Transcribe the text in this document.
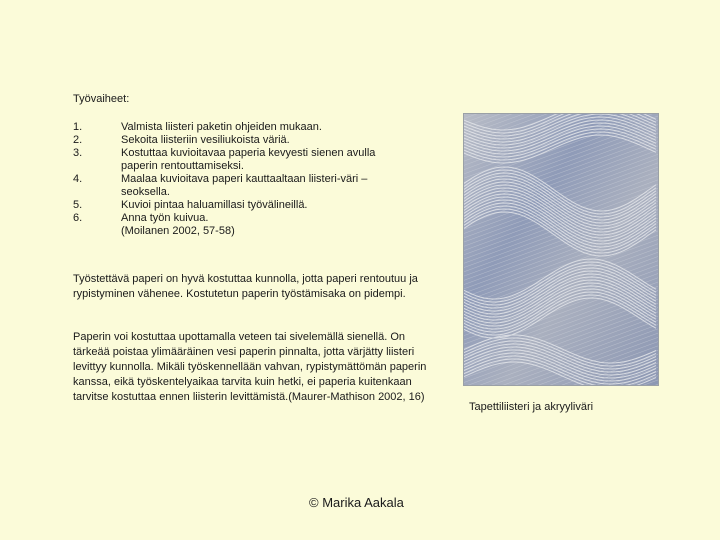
Työvaiheet:
1.	Valmista liisteri paketin ohjeiden mukaan.
2.	Sekoita liisteriin vesiliukoista väriä.
3.	Kostuttaa kuvioitavaa paperia kevyesti sienen avulla paperin rentouttamiseksi.
4.	Maalaa kuvioitava paperi kauttaaltaan liisteri-väri –seoksella.
5.	Kuvioi pintaa haluamillasi työvälineillä.
6.	Anna työn kuivua.
(Moilanen 2002, 57-58)
Työstettävä paperi on hyvä kostuttaa kunnolla, jotta paperi rentoutuu ja rypistyminen vähenee. Kostutetun paperin työstämisaka on pidempi.
Paperin voi kostuttaa upottamalla veteen tai sivelemällä sienellä. On tärkeää poistaa ylimääräinen vesi paperin pinnalta, jotta värjätty liisteri levittyy kunnolla. Mikäli työskennellään vahvan, rypistymättömän paperin kanssa, eikä työskentelyaikaa tarvita kuin hetki, ei paperia kuitenkaan tarvitse kostuttaa ennen liisterin levittämistä.(Maurer-Mathison 2002, 16)
Tapettiliisteri ja akryyliväri
© Marika Aakala
